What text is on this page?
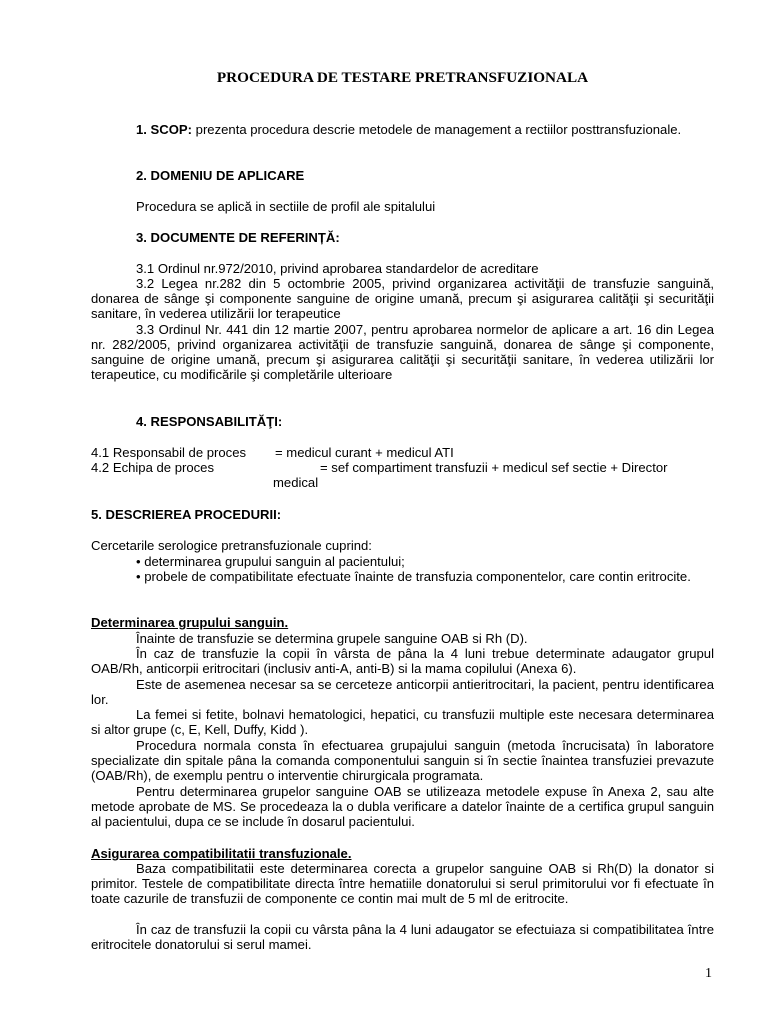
PROCEDURA DE TESTARE PRETRANSFUZIONALA
1. SCOP: prezenta procedura descrie metodele de management a rectiilor posttransfuzionale.
2. DOMENIU DE APLICARE
Procedura se aplică in sectiile de profil ale spitalului
3. DOCUMENTE DE REFERINȚĂ:
3.1 Ordinul nr.972/2010, privind aprobarea standardelor de acreditare
3.2 Legea nr.282 din 5 octombrie 2005, privind organizarea activităţii de transfuzie sanguină, donarea de sânge şi componente sanguine de origine umană, precum şi asigurarea calităţii şi securităţii sanitare, în vederea utilizării lor terapeutice
3.3 Ordinul Nr. 441 din 12 martie 2007, pentru aprobarea normelor de aplicare a art. 16 din Legea nr. 282/2005, privind organizarea activităţii de transfuzie sanguină, donarea de sânge şi componente, sanguine de origine umană, precum şi asigurarea calităţii şi securităţii sanitare, în vederea utilizării lor terapeutice, cu modificările şi completările ulterioare
4. RESPONSABILITĂŢI:
4.1 Responsabil de proces = medicul curant + medicul ATI
4.2 Echipa de proces	= sef compartiment transfuzii + medicul sef sectie + Director
medical
5. DESCRIEREA PROCEDURII:
Cercetarile serologice pretransfuzionale cuprind:
• determinarea grupului sanguin al pacientului;
• probele de compatibilitate efectuate înainte de transfuzia componentelor, care contin eritrocite.
Determinarea grupului sanguin.
Înainte de transfuzie se determina grupele sanguine OAB si Rh (D).
În caz de transfuzie la copii în vârsta de pâna la 4 luni trebue determinate adaugator grupul OAB/Rh, anticorpii eritrocitari (inclusiv anti-A, anti-B) si la mama copilului (Anexa 6).
Este de asemenea necesar sa se cerceteze anticorpii antieritrocitari, la pacient, pentru identificarea lor.
La femei si fetite, bolnavi hematologici, hepatici, cu transfuzii multiple este necesara determinarea si altor grupe (c, E, Kell, Duffy, Kidd ).
Procedura normala consta în efectuarea grupajului sanguin (metoda încrucisata) în laboratore specializate din spitale pâna la comanda componentului sanguin si în sectie înaintea transfuziei prevazute (OAB/Rh), de exemplu pentru o interventie chirurgicala programata.
Pentru determinarea grupelor sanguine OAB se utilizeaza metodele expuse în Anexa 2, sau alte metode aprobate de MS. Se procedeaza la o dubla verificare a datelor înainte de a certifica grupul sanguin al pacientului, dupa ce se include în dosarul pacientului.
Asigurarea compatibilitatii transfuzionale.
Baza compatibilitatii este determinarea corecta a grupelor sanguine OAB si Rh(D) la donator si primitor. Testele de compatibilitate directa între hematiile donatorului si serul primitorului vor fi efectuate în toate cazurile de transfuzii de componente ce contin mai mult de 5 ml de eritrocite.
În caz de transfuzii la copii cu vârsta pâna la 4 luni adaugator se efectuiaza si compatibilitatea între eritrocitele donatorului si serul mamei.
1
